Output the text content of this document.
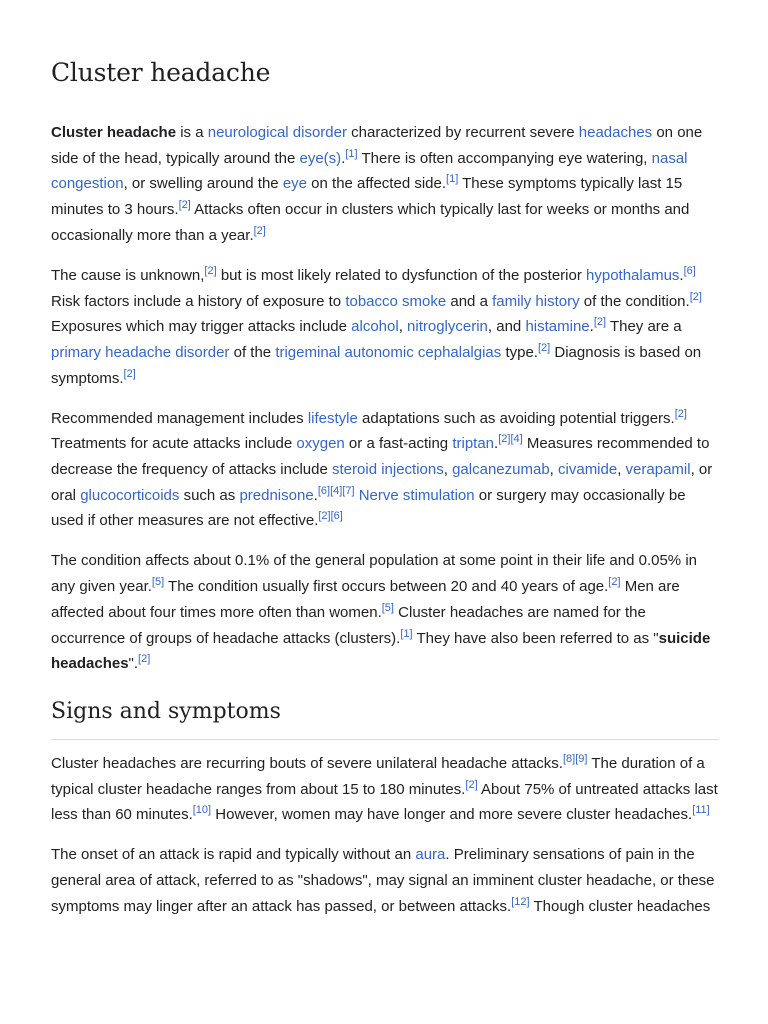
Cluster headache

Cluster headache is a neurological disorder characterized by recurrent severe headaches on one side of the head, typically around the eye(s).[1] There is often accompanying eye watering, nasal congestion, or swelling around the eye on the affected side.[1] These symptoms typically last 15 minutes to 3 hours.[2] Attacks often occur in clusters which typically last for weeks or months and occasionally more than a year.[2]

The cause is unknown,[2] but is most likely related to dysfunction of the posterior hypothalamus.[6] Risk factors include a history of exposure to tobacco smoke and a family history of the condition.[2] Exposures which may trigger attacks include alcohol, nitroglycerin, and histamine.[2] They are a primary headache disorder of the trigeminal autonomic cephalalgias type.[2] Diagnosis is based on symptoms.[2]

Recommended management includes lifestyle adaptations such as avoiding potential triggers.[2] Treatments for acute attacks include oxygen or a fast-acting triptan.[2][4] Measures recommended to decrease the frequency of attacks include steroid injections, galcanezumab, civamide, verapamil, or oral glucocorticoids such as prednisone.[6][4][7] Nerve stimulation or surgery may occasionally be used if other measures are not effective.[2][6]

The condition affects about 0.1% of the general population at some point in their life and 0.05% in any given year.[5] The condition usually first occurs between 20 and 40 years of age.[2] Men are affected about four times more often than women.[5] Cluster headaches are named for the occurrence of groups of headache attacks (clusters).[1] They have also been referred to as "suicide headaches".[2]

Signs and symptoms

Cluster headaches are recurring bouts of severe unilateral headache attacks.[8][9] The duration of a typical cluster headache ranges from about 15 to 180 minutes.[2] About 75% of untreated attacks last less than 60 minutes.[10] However, women may have longer and more severe cluster headaches.[11]

The onset of an attack is rapid and typically without an aura. Preliminary sensations of pain in the general area of attack, referred to as "shadows", may signal an imminent cluster headache, or these symptoms may linger after an attack has passed, or between attacks.[12] Though cluster headaches
